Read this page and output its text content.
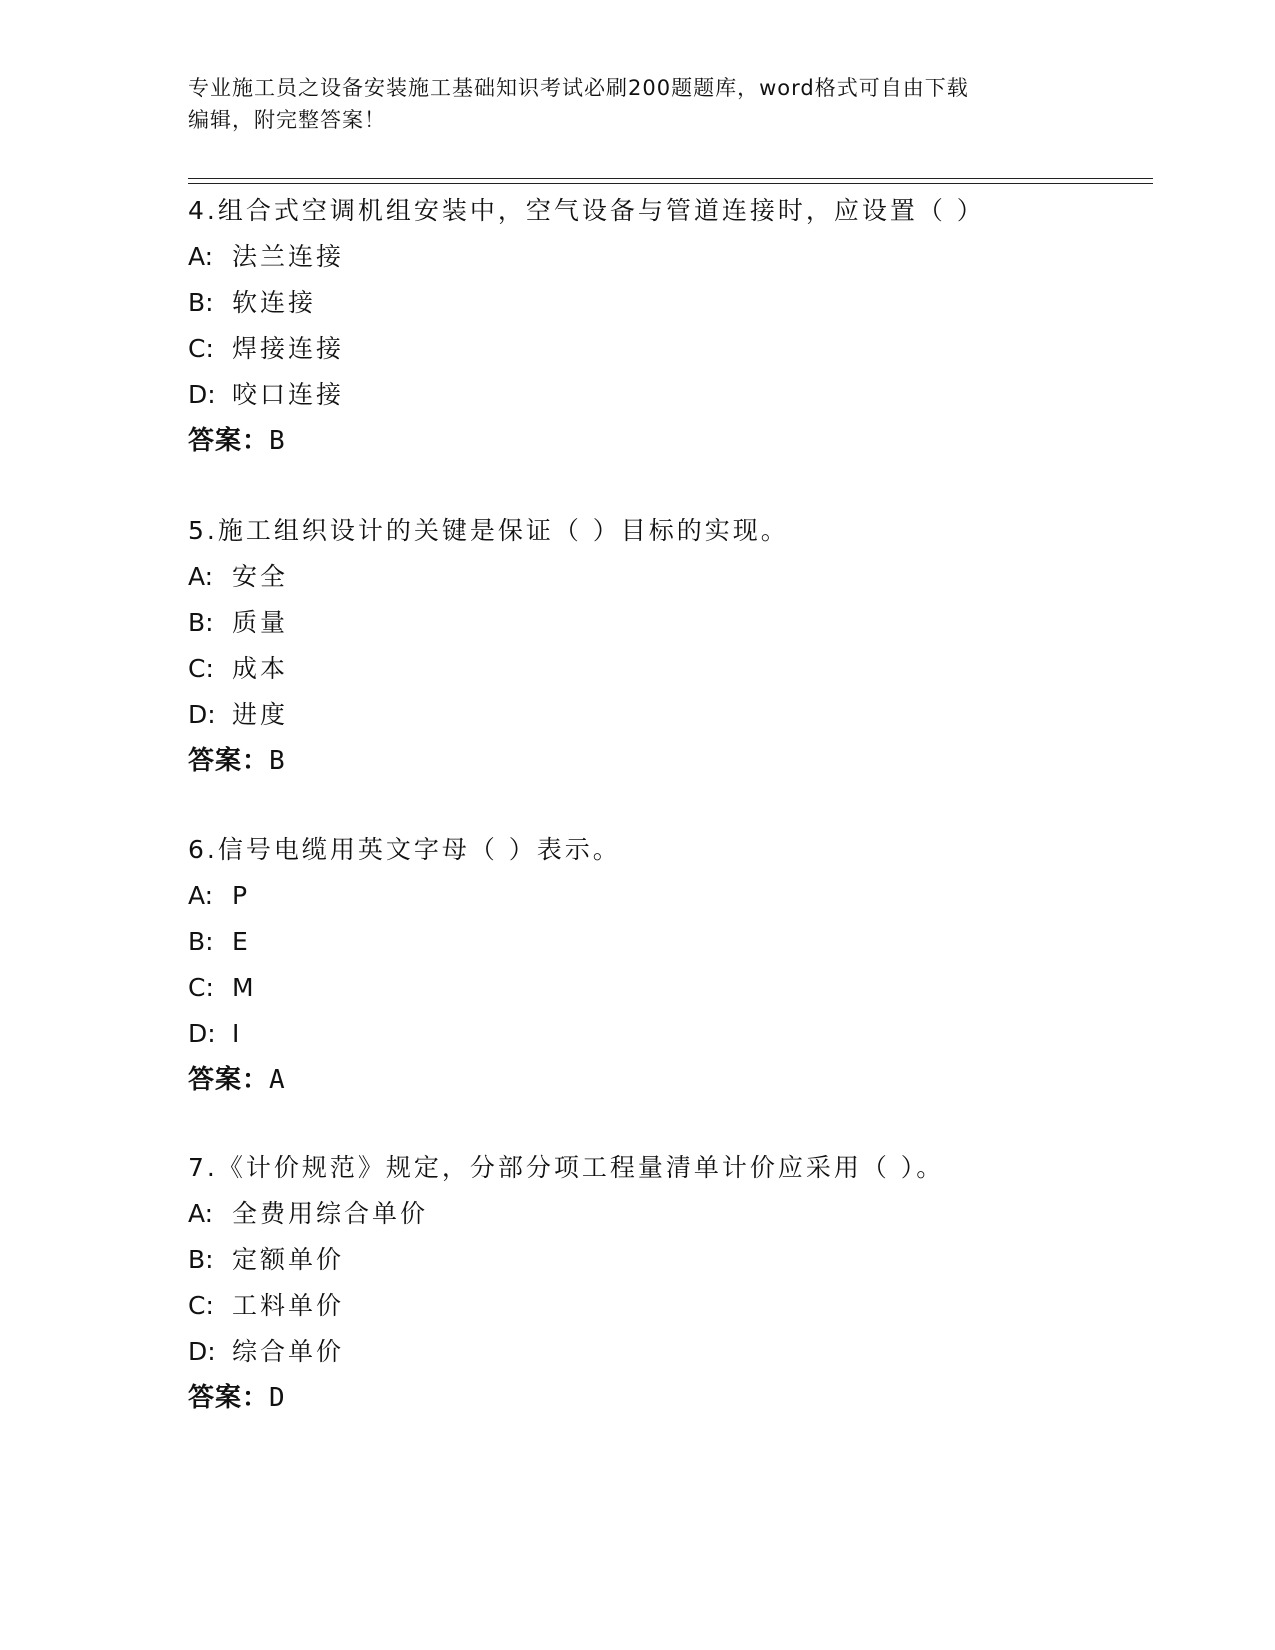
专业施工员之设备安装施工基础知识考试必刷200题题库，word格式可自由下载
编辑，附完整答案！
4.组合式空调机组安装中，空气设备与管道连接时，应设置（ ）
A: 法兰连接
B: 软连接
C: 焊接连接
D: 咬口连接
答案：B
5.施工组织设计的关键是保证（ ）目标的实现。
A: 安全
B: 质量
C: 成本
D: 进度
答案：B
6.信号电缆用英文字母（ ）表示。
A: P
B: E
C: M
D: I
答案：A
7.《计价规范》规定，分部分项工程量清单计价应采用（ ）。
A: 全费用综合单价
B: 定额单价
C: 工料单价
D: 综合单价
答案：D
